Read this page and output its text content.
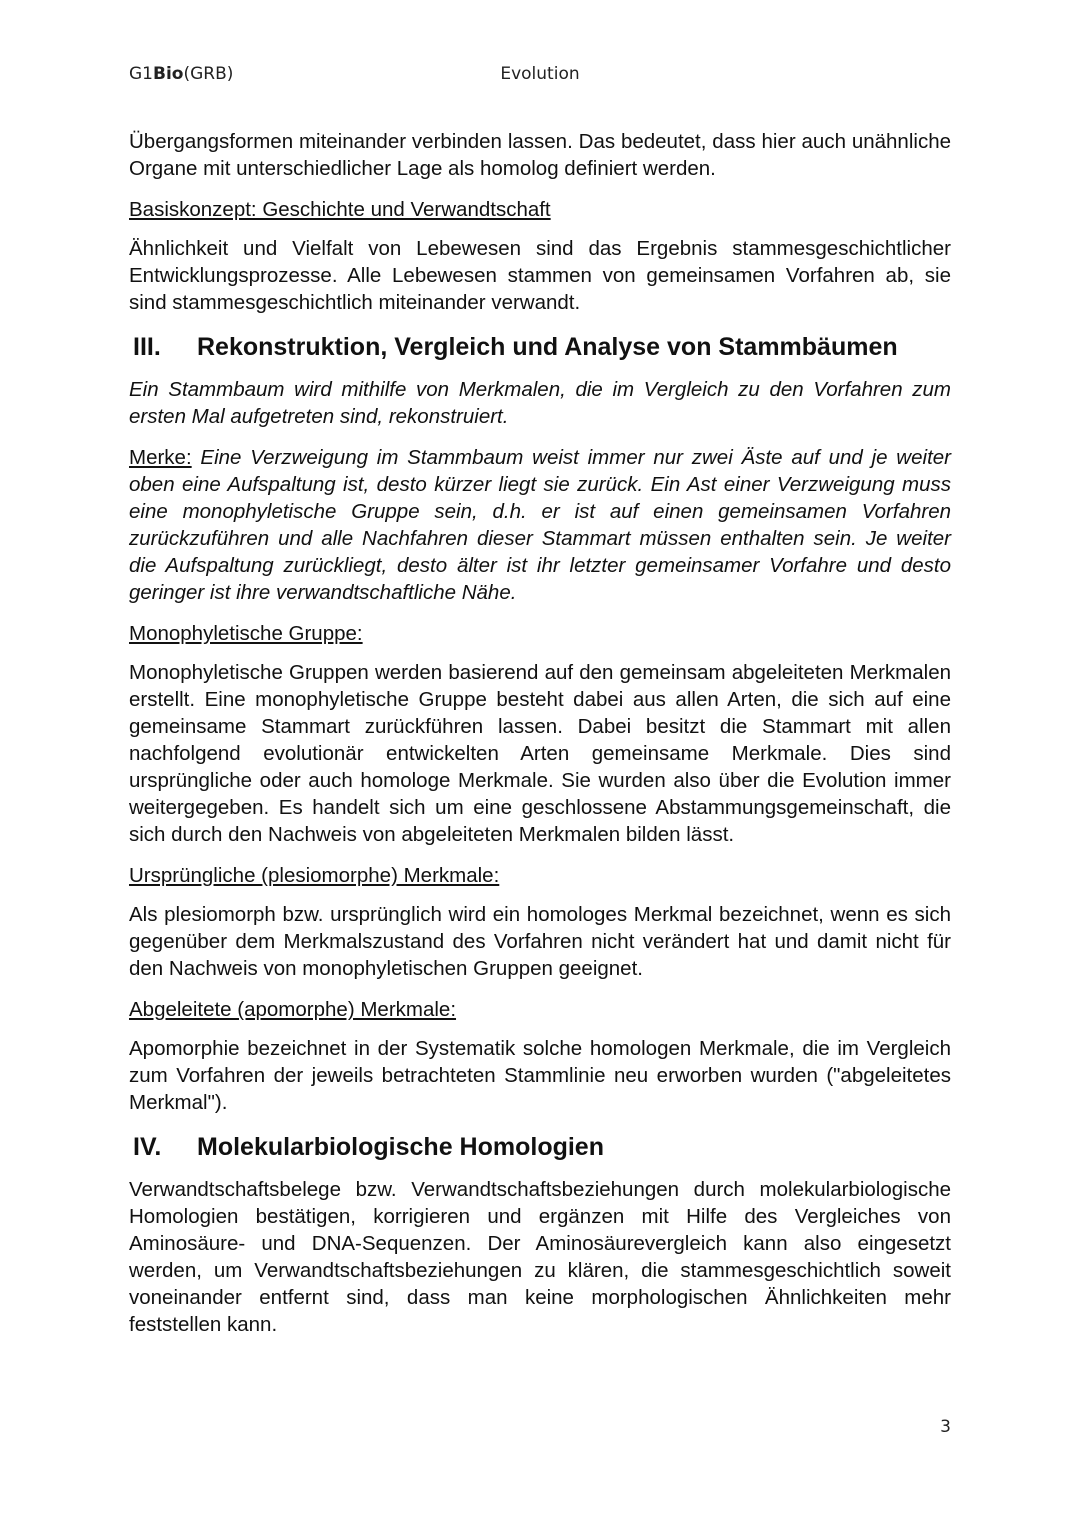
G1Bio(GRB)	Evolution

Übergangsformen miteinander verbinden lassen. Das bedeutet, dass hier auch unähnliche Organe mit unterschiedlicher Lage als homolog definiert werden.

Basiskonzept: Geschichte und Verwandtschaft

Ähnlichkeit und Vielfalt von Lebewesen sind das Ergebnis stammesgeschichtlicher Entwicklungsprozesse. Alle Lebewesen stammen von gemeinsamen Vorfahren ab, sie sind stammesgeschichtlich miteinander verwandt.

III. Rekonstruktion, Vergleich und Analyse von Stammbäumen

Ein Stammbaum wird mithilfe von Merkmalen, die im Vergleich zu den Vorfahren zum ersten Mal aufgetreten sind, rekonstruiert.

Merke: Eine Verzweigung im Stammbaum weist immer nur zwei Äste auf und je weiter oben eine Aufspaltung ist, desto kürzer liegt sie zurück. Ein Ast einer Verzweigung muss eine monophyletische Gruppe sein, d.h. er ist auf einen gemeinsamen Vorfahren zurückzuführen und alle Nachfahren dieser Stammart müssen enthalten sein. Je weiter die Aufspaltung zurückliegt, desto älter ist ihr letzter gemeinsamer Vorfahre und desto geringer ist ihre verwandtschaftliche Nähe.

Monophyletische Gruppe:

Monophyletische Gruppen werden basierend auf den gemeinsam abgeleiteten Merkmalen erstellt. Eine monophyletische Gruppe besteht dabei aus allen Arten, die sich auf eine gemeinsame Stammart zurückführen lassen. Dabei besitzt die Stammart mit allen nachfolgend evolutionär entwickelten Arten gemeinsame Merkmale. Dies sind ursprüngliche oder auch homologe Merkmale. Sie wurden also über die Evolution immer weitergegeben. Es handelt sich um eine geschlossene Abstammungsgemeinschaft, die sich durch den Nachweis von abgeleiteten Merkmalen bilden lässt.

Ursprüngliche (plesiomorphe) Merkmale:

Als plesiomorph bzw. ursprünglich wird ein homologes Merkmal bezeichnet, wenn es sich gegenüber dem Merkmalszustand des Vorfahren nicht verändert hat und damit nicht für den Nachweis von monophyletischen Gruppen geeignet.

Abgeleitete (apomorphe) Merkmale:

Apomorphie bezeichnet in der Systematik solche homologen Merkmale, die im Vergleich zum Vorfahren der jeweils betrachteten Stammlinie neu erworben wurden ("abgeleitetes Merkmal").

IV. Molekularbiologische Homologien

Verwandtschaftsbelege bzw. Verwandtschaftsbeziehungen durch molekularbiologische Homologien bestätigen, korrigieren und ergänzen mit Hilfe des Vergleiches von Aminosäure- und DNA-Sequenzen. Der Aminosäurevergleich kann also eingesetzt werden, um Verwandtschaftsbeziehungen zu klären, die stammesgeschichtlich soweit voneinander entfernt sind, dass man keine morphologischen Ähnlichkeiten mehr feststellen kann.

3
